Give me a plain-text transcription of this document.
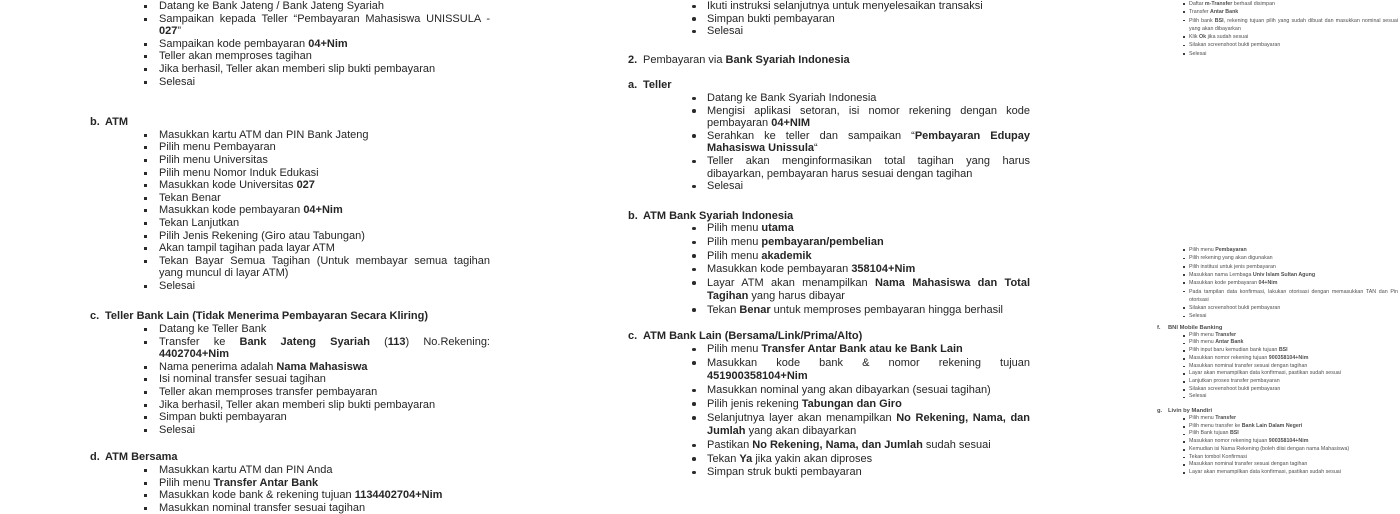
Datang ke Bank Jateng / Bank Jateng Syariah
Sampaikan kepada Teller “Pembayaran Mahasiswa UNISSULA - 027”
Sampaikan kode pembayaran 04+Nim
Teller akan memproses tagihan
Jika berhasil, Teller akan memberi slip bukti pembayaran
Selesai
b. ATM
Masukkan kartu ATM dan PIN Bank Jateng
Pilih menu Pembayaran
Pilih menu Universitas
Pilih menu Nomor Induk Edukasi
Masukkan kode Universitas 027
Tekan Benar
Masukkan kode pembayaran 04+Nim
Tekan Lanjutkan
Pilih Jenis Rekening (Giro atau Tabungan)
Akan tampil tagihan pada layar ATM
Tekan Bayar Semua Tagihan (Untuk membayar semua tagihan yang muncul di layar ATM)
Selesai
c. Teller Bank Lain (Tidak Menerima Pembayaran Secara Kliring)
Datang ke Teller Bank
Transfer ke Bank Jateng Syariah (113) No.Rekening: 4402704+Nim
Nama penerima adalah Nama Mahasiswa
Isi nominal transfer sesuai tagihan
Teller akan memproses transfer pembayaran
Jika berhasil, Teller akan memberi slip bukti pembayaran
Simpan bukti pembayaran
Selesai
d. ATM Bersama
Masukkan kartu ATM dan PIN Anda
Pilih menu Transfer Antar Bank
Masukkan kode bank & rekening tujuan 1134402704+Nim
Masukkan nominal transfer sesuai tagihan
Ikuti instruksi selanjutnya untuk menyelesaikan transaksi
Simpan bukti pembayaran
Selesai
2. Pembayaran via Bank Syariah Indonesia
a. Teller
Datang ke Bank Syariah Indonesia
Mengisi aplikasi setoran, isi nomor rekening dengan kode pembayaran 04+NIM
Serahkan ke teller dan sampaikan “Pembayaran Edupay Mahasiswa Unissula“
Teller akan menginformasikan total tagihan yang harus dibayarkan, pembayaran harus sesuai dengan tagihan
Selesai
b. ATM Bank Syariah Indonesia
Pilih menu utama
Pilih menu pembayaran/pembelian
Pilih menu akademik
Masukkan kode pembayaran 358104+Nim
Layar ATM akan menampilkan Nama Mahasiswa dan Total Tagihan yang harus dibayar
Tekan Benar untuk memproses pembayaran hingga berhasil
c. ATM Bank Lain (Bersama/Link/Prima/Alto)
Pilih menu Transfer Antar Bank atau ke Bank Lain
Masukkan kode bank & nomor rekening tujuan 451900358104+Nim
Masukkan nominal yang akan dibayarkan (sesuai tagihan)
Pilih jenis rekening Tabungan dan Giro
Selanjutnya layer akan menampilkan No Rekening, Nama, dan Jumlah yang akan dibayarkan
Pastikan No Rekening, Nama, dan Jumlah sudah sesuai
Tekan Ya jika yakin akan diproses
Simpan struk bukti pembayaran
Daftar m-Transfer berhasil disimpan
Transfer Antar Bank
Pilih bank BSI, rekening tujuan pilih yang sudah dibuat dan masukkan nominal sesuai yang akan dibayarkan
Klik Ok jika sudah sesuai
Silakan screenshoot bukti pembayaran
Selesai
– ·
Pilih menu Pembayaran
Pilih rekening yang akan digunakan
Pilih institusi untuk jenis pembayaran
Masukkan nama Lembaga Univ Islam Sultan Agung
Masukkan kode pembayaran 04+Nim
Pada tampilan data konfirmasi, lakukan otorisasi dengan memasukkan TAN dan Pin otorisasi
Silakan screenshoot bukti pembayaran
Selesai
f. BNI Mobile Banking
Pilih menu Transfer
Pilih menu Antar Bank
Pilih input baru kemudian bank tujuan BSI
Masukkan nomor rekening tujuan 900358104+Nim
Masukkan nominal transfer sesuai dengan tagihan
Layar akan menampilkan data konfirmasi, pastikan sudah sesuai
Lanjutkan proses transfer pembayaran
Silakan screenshoot bukti pembayaran
Selesai
g. Livin by Mandiri
Pilih menu Transfer
Pilih menu transfer ke Bank Lain Dalam Negeri
Pilih Bank tujuan BSI
Masukkan nomor rekening tujuan 900358104+Nim
Kemudian isi Nama Rekening (boleh diisi dengan nama Mahasiswa)
Tekan tombol Konfirmasi
Masukkan nominal transfer sesuai dengan tagihan
Layar akan menampilkan data konfirmasi, pastikan sudah sesuai
